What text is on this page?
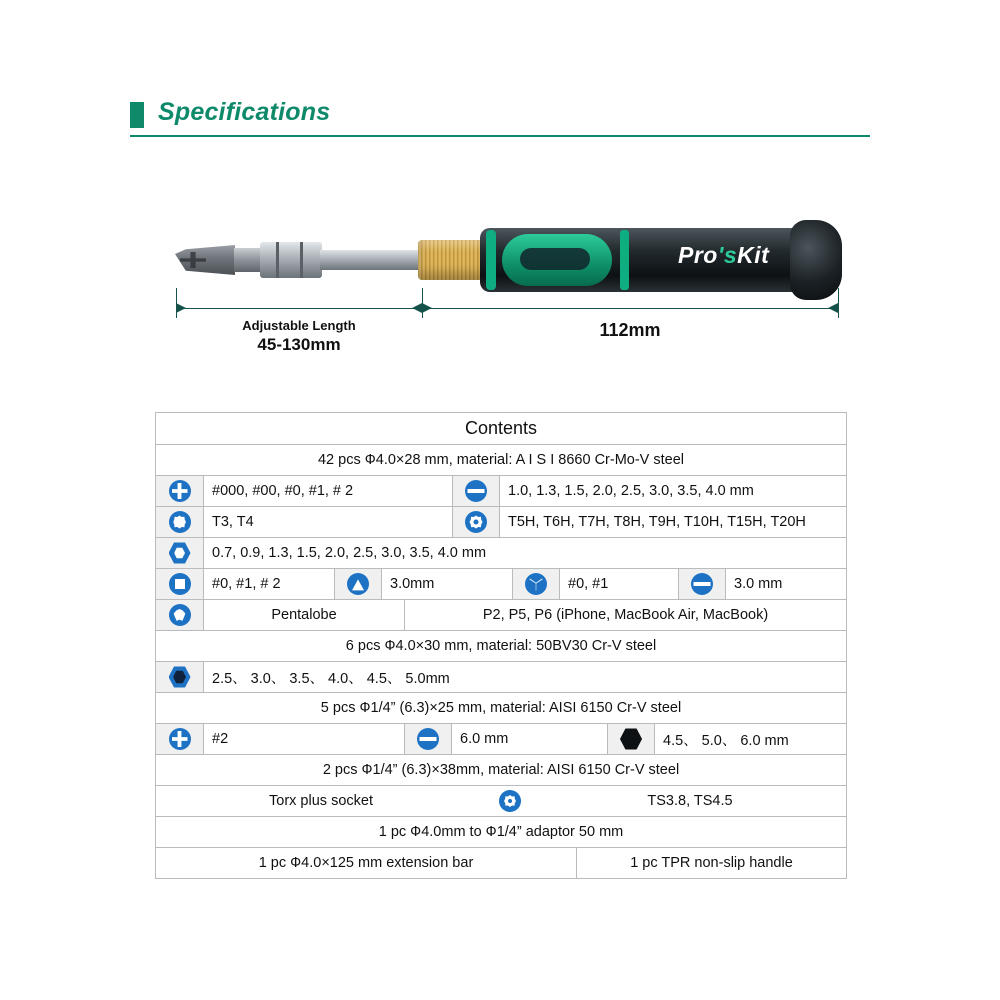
Specifications
Pro'sKit
Adjustable Length
45-130mm
112mm
Contents
42 pcs Ф4.0×28 mm, material: A I S I 8660 Cr-Mo-V steel
#000, #00, #0, #1, # 2	1.0, 1.3, 1.5, 2.0, 2.5, 3.0, 3.5, 4.0 mm
T3, T4	T5H, T6H, T7H, T8H, T9H, T10H, T15H, T20H
0.7, 0.9, 1.3, 1.5, 2.0, 2.5, 3.0, 3.5, 4.0 mm
#0, #1, # 2	3.0mm	#0, #1	3.0 mm
Pentalobe	P2, P5, P6 (iPhone, MacBook Air, MacBook)
6 pcs Ф4.0×30 mm, material: 50BV30 Cr-V steel
2.5、 3.0、 3.5、 4.0、 4.5、 5.0mm
5 pcs Ф1/4” (6.3)×25 mm, material: AISI 6150 Cr-V steel
#2	6.0 mm	4.5、 5.0、 6.0 mm
2 pcs Ф1/4” (6.3)×38mm, material: AISI 6150 Cr-V steel
Torx plus socket	TS3.8, TS4.5
1 pc Ф4.0mm to Ф1/4” adaptor 50 mm
1 pc Ф4.0×125 mm extension bar	1 pc TPR non-slip handle
